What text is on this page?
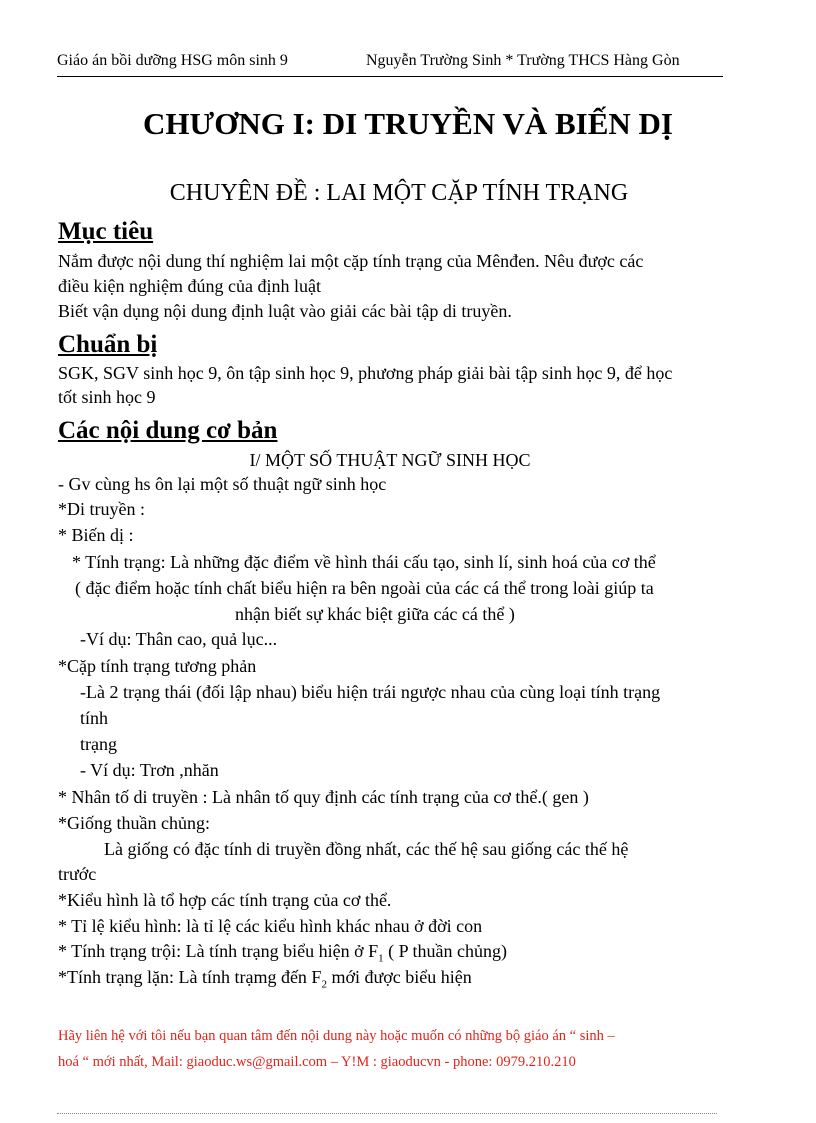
Giáo án bồi dưỡng HSG môn sinh 9	Nguyễn Trường Sinh * Trường THCS Hàng Gòn
CHƯƠNG I: DI TRUYỀN VÀ BIẾN DỊ
CHUYÊN ĐỀ : LAI MỘT CẶP TÍNH TRẠNG
Mục tiêu
Nắm được nội dung thí nghiệm lai một cặp tính trạng của Mênđen. Nêu được các
điều kiện nghiệm đúng của định luật
Biết vận dụng nội dung định luật vào giải các bài tập di truyền.
Chuẩn bị
SGK, SGV sinh học 9, ôn tập sinh học 9, phương pháp giải bài tập sinh học 9, để học
tốt sinh học 9
Các nội dung cơ bản
I/ MỘT SỐ THUẬT NGỮ SINH HỌC
- Gv cùng hs ôn lại một số thuật ngữ sinh học
*Di truyền :
* Biến dị :
* Tính trạng: Là những đặc điểm về hình thái cấu tạo, sinh lí, sinh hoá của cơ thể
( đặc điểm hoặc tính chất biểu hiện ra bên ngoài của các cá thể trong loài giúp ta
nhận biết sự khác biệt giữa các cá thể )
-Ví dụ: Thân cao, quả lục...
*Cặp tính trạng tương phản
-Là 2 trạng thái (đối lập nhau) biểu hiện trái ngược nhau của cùng loại tính trạng
tính
trạng
- Ví dụ: Trơn ,nhăn
* Nhân tố di truyền : Là nhân tố quy định các tính trạng của cơ thể.( gen )
*Giống thuần chủng:
Là giống có đặc tính di truyền đồng nhất, các thế hệ sau giống các thế hệ
trước
*Kiểu hình là tổ hợp các tính trạng của cơ thể.
* Tỉ lệ kiểu hình: là tỉ lệ các kiểu hình khác nhau ở đời con
* Tính trạng trội: Là tính trạng biểu hiện ở $F_1$ ( P thuần chủng)
*Tính trạng lặn: Là tính trạmg đến $F_2$ mới được biểu hiện
Hãy liên hệ với tôi nếu bạn quan tâm đến nội dung này hoặc muốn có những bộ giáo án “ sinh –
hoá “ mới nhất, Mail: giaoduc.ws@gmail.com – Y!M : giaoducvn - phone: 0979.210.210
